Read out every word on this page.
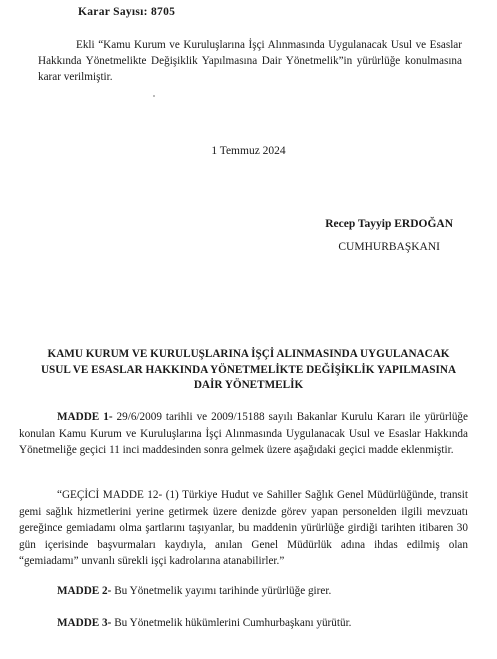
Karar Sayısı: 8705
Ekli “Kamu Kurum ve Kuruluşlarına İşçi Alınmasında Uygulanacak Usul ve Esaslar Hakkında Yönetmelikte Değişiklik Yapılmasına Dair Yönetmelik”in yürürlüğe konulmasına karar verilmiştir.
1 Temmuz 2024
Recep Tayyip ERDOĞAN
CUMHURBAŞKANI
KAMU KURUM VE KURULUŞLARINA İŞÇİ ALINMASINDA UYGULANACAK
USUL VE ESASLAR HAKKINDA YÖNETMELİKTE DEĞİŞİKLİK YAPILMASINA
DAİR YÖNETMELİK
MADDE 1- 29/6/2009 tarihli ve 2009/15188 sayılı Bakanlar Kurulu Kararı ile yürürlüğe konulan Kamu Kurum ve Kuruluşlarına İşçi Alınmasında Uygulanacak Usul ve Esaslar Hakkında Yönetmeliğe geçici 11 inci maddesinden sonra gelmek üzere aşağıdaki geçici madde eklenmiştir.
“GEÇİCİ MADDE 12- (1) Türkiye Hudut ve Sahiller Sağlık Genel Müdürlüğünde, transit gemi sağlık hizmetlerini yerine getirmek üzere denizde görev yapan personelden ilgili mevzuatı gereğince gemiadamı olma şartlarını taşıyanlar, bu maddenin yürürlüğe girdiği tarihten itibaren 30 gün içerisinde başvurmaları kaydıyla, anılan Genel Müdürlük adına ihdas edilmiş olan “gemiadamı” unvanlı sürekli işçi kadrolarına atanabilirler.”
MADDE 2- Bu Yönetmelik yayımı tarihinde yürürlüğe girer.
MADDE 3- Bu Yönetmelik hükümlerini Cumhurbaşkanı yürütür.
